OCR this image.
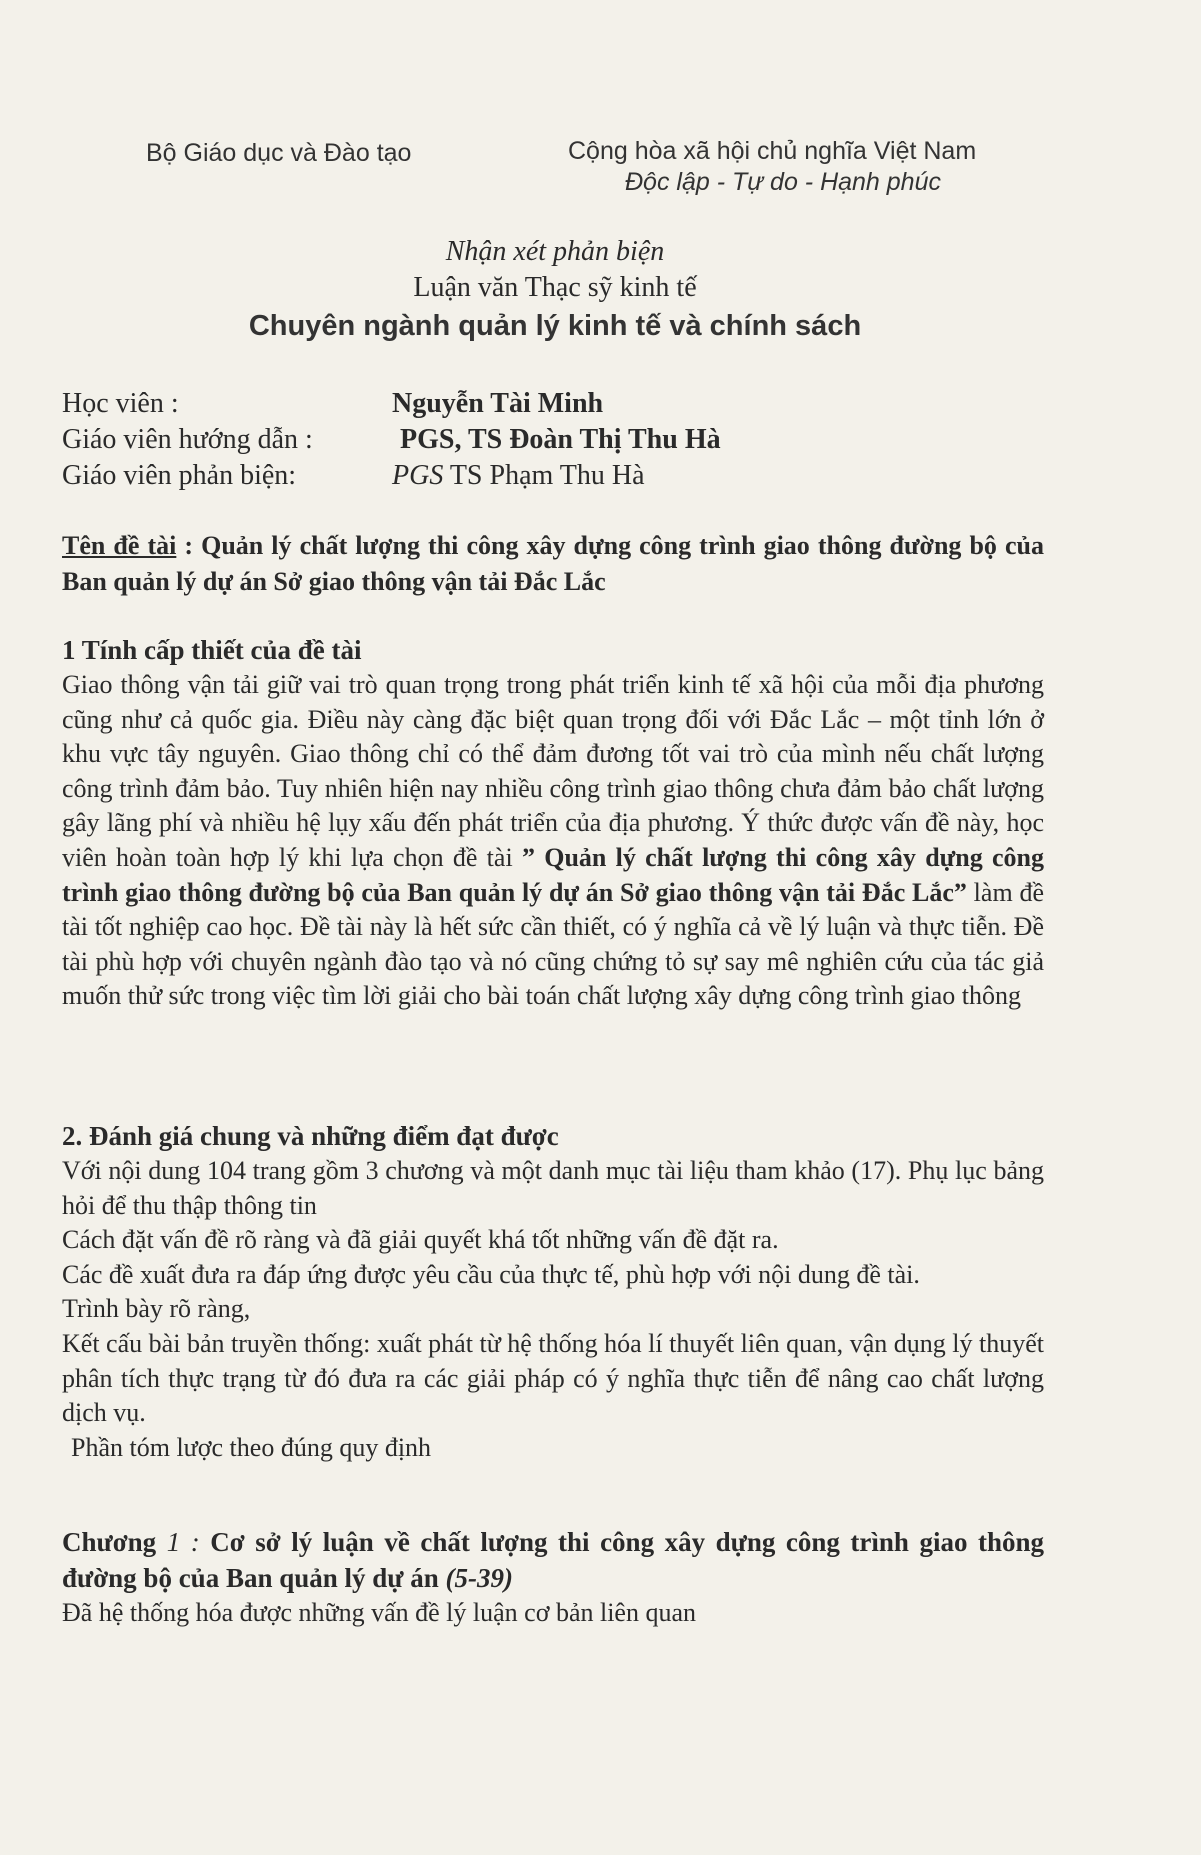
Bộ Giáo dục và Đào tạo	Cộng hòa xã hội chủ nghĩa Việt Nam
Độc lập - Tự do - Hạnh phúc
Nhận xét phản biện
Luận văn Thạc sỹ kinh tế
Chuyên ngành quản lý kinh tế và chính sách
Học viên :	Nguyễn Tài Minh
Giáo viên hướng dẫn :	PGS, TS Đoàn Thị Thu Hà
Giáo viên phản biện:	PGS TS Phạm Thu Hà
Tên đề tài : Quản lý chất lượng thi công xây dựng công trình giao thông đường bộ của Ban quản lý dự án Sở giao thông vận tải Đắc Lắc
1 Tính cấp thiết của đề tài

Giao thông vận tải giữ vai trò quan trọng trong phát triển kinh tế xã hội của mỗi địa phương cũng như cả quốc gia. Điều này càng đặc biệt quan trọng đối với Đắc Lắc – một tỉnh lớn ở khu vực tây nguyên. Giao thông chỉ có thể đảm đương tốt vai trò của mình nếu chất lượng công trình đảm bảo. Tuy nhiên hiện nay nhiều công trình giao thông chưa đảm bảo chất lượng gây lãng phí và nhiều hệ lụy xấu đến phát triển của địa phương. Ý thức được vấn đề này, học viên hoàn toàn hợp lý khi lựa chọn đề tài ” Quản lý chất lượng thi công xây dựng công trình giao thông đường bộ của Ban quản lý dự án Sở giao thông vận tải Đắc Lắc” làm đề tài tốt nghiệp cao học. Đề tài này là hết sức cần thiết, có ý nghĩa cả về lý luận và thực tiễn. Đề tài phù hợp với chuyên ngành đào tạo và nó cũng chứng tỏ sự say mê nghiên cứu của tác giả muốn thử sức trong việc tìm lời giải cho bài toán chất lượng xây dựng công trình giao thông

2. Đánh giá chung và những điểm đạt được

Với nội dung 104 trang gồm 3 chương và một danh mục tài liệu tham khảo (17). Phụ lục bảng hỏi để thu thập thông tin

Cách đặt vấn đề rõ ràng và đã giải quyết khá tốt những vấn đề đặt ra.

Các đề xuất đưa ra đáp ứng được yêu cầu của thực tế, phù hợp với nội dung đề tài.

Trình bày rõ ràng,

Kết cấu bài bản truyền thống: xuất phát từ hệ thống hóa lí thuyết liên quan, vận dụng lý thuyết phân tích thực trạng từ đó đưa ra các giải pháp có ý nghĩa thực tiễn để nâng cao chất lượng dịch vụ.

Phần tóm lược theo đúng quy định

Chương 1 : Cơ sở lý luận về chất lượng thi công xây dựng công trình giao thông đường bộ của Ban quản lý dự án (5-39)

Đã hệ thống hóa được những vấn đề lý luận cơ bản liên quan
